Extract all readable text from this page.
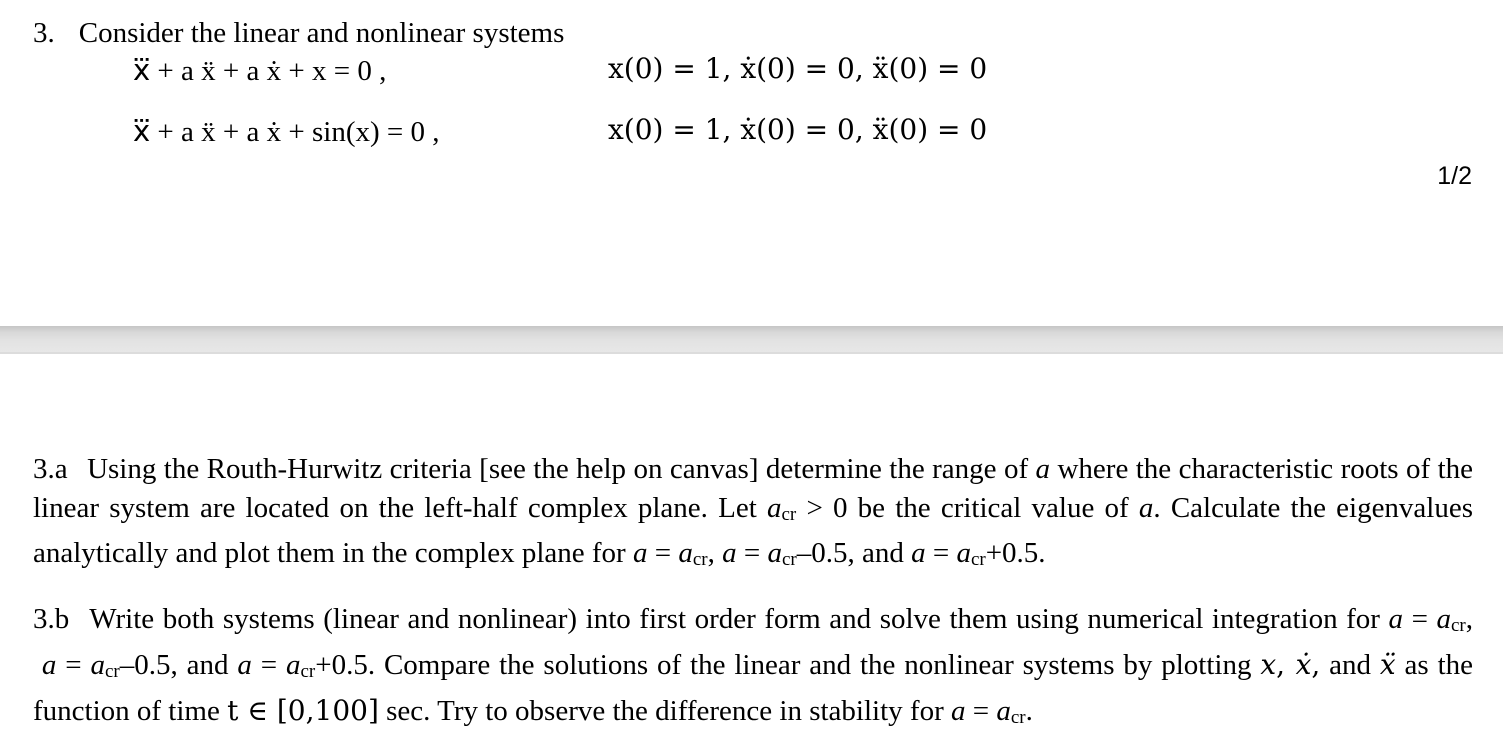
3. Consider the linear and nonlinear systems
x⃛ + a ẍ + a ẋ + x = 0 ,	x(0) = 1, ẋ(0) = 0, ẍ(0) = 0
x⃛ + a ẍ + a ẋ + sin(x) = 0 ,	x(0) = 1, ẋ(0) = 0, ẍ(0) = 0
1/2
3.a Using the Routh-Hurwitz criteria [see the help on canvas] determine the range of a where the characteristic roots of the linear system are located on the left-half complex plane. Let $a_{cr} > 0$ be the critical value of a. Calculate the eigenvalues analytically and plot them in the complex plane for $a = a_{cr}$, $a = a_{cr}-0.5$, and $a = a_{cr}+0.5$.
3.b Write both systems (linear and nonlinear) into first order form and solve them using numerical integration for $a = a_{cr}$,  $a = a_{cr}-0.5$, and $a = a_{cr}+0.5$. Compare the solutions of the linear and the nonlinear systems by plotting x, ẋ, and ẍ as the function of time t ∈ [0,100] sec. Try to observe the difference in stability for $a = a_{cr}$.
